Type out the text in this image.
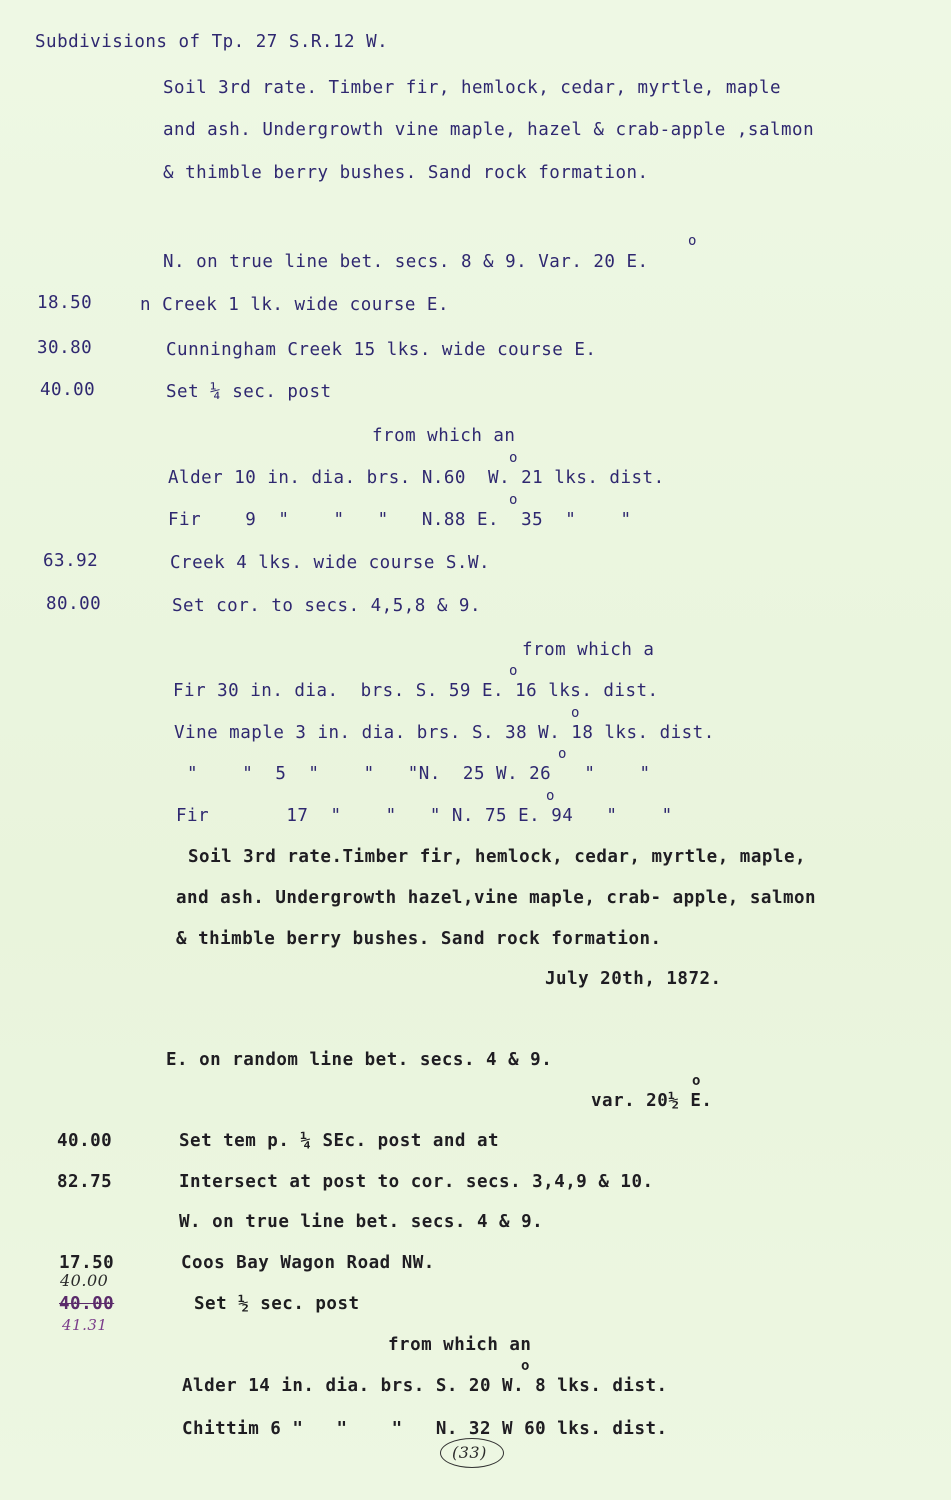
Subdivisions of Tp. 27 S.R.12 W.
Soil 3rd rate. Timber fir, hemlock, cedar, myrtle, maple
and ash. Undergrowth vine maple, hazel & crab-apple ,salmon
& thimble berry bushes. Sand rock formation.
o
N. on true line bet. secs. 8 & 9. Var. 20 E.
18.50	n Creek 1 lk. wide course E.
30.80	Cunningham Creek 15 lks. wide course E.
40.00	Set ¼ sec. post
from which an
o
Alder 10 in. dia. brs. N.60  W. 21 lks. dist.
o
Fir    9  "    "   "   N.88 E.  35  "    "
63.92	Creek 4 lks. wide course S.W.
80.00	Set cor. to secs. 4,5,8 & 9.
from which a
o
Fir 30 in. dia.  brs. S. 59 E. 16 lks. dist.
o
Vine maple 3 in. dia. brs. S. 38 W. 18 lks. dist.
o
"    "  5  "    "   "N.  25 W. 26   "    "
o
Fir       17  "    "   " N. 75 E. 94   "    "
Soil 3rd rate.Timber fir, hemlock, cedar, myrtle, maple,
and ash. Undergrowth hazel,vine maple, crab- apple, salmon
& thimble berry bushes. Sand rock formation.
July 20th, 1872.
E. on random line bet. secs. 4 & 9.
o
var. 20½ E.
40.00	Set tem p. ¼ SEc. post and at
82.75	Intersect at post to cor. secs. 3,4,9 & 10.
W. on true line bet. secs. 4 & 9.
17.50	Coos Bay Wagon Road NW.
40.00
40.00	Set ½ sec. post
41.31
from which an
o
Alder 14 in. dia. brs. S. 20 W. 8 lks. dist.
Chittim 6 "   "    "   N. 32 W 60 lks. dist.
(33)
